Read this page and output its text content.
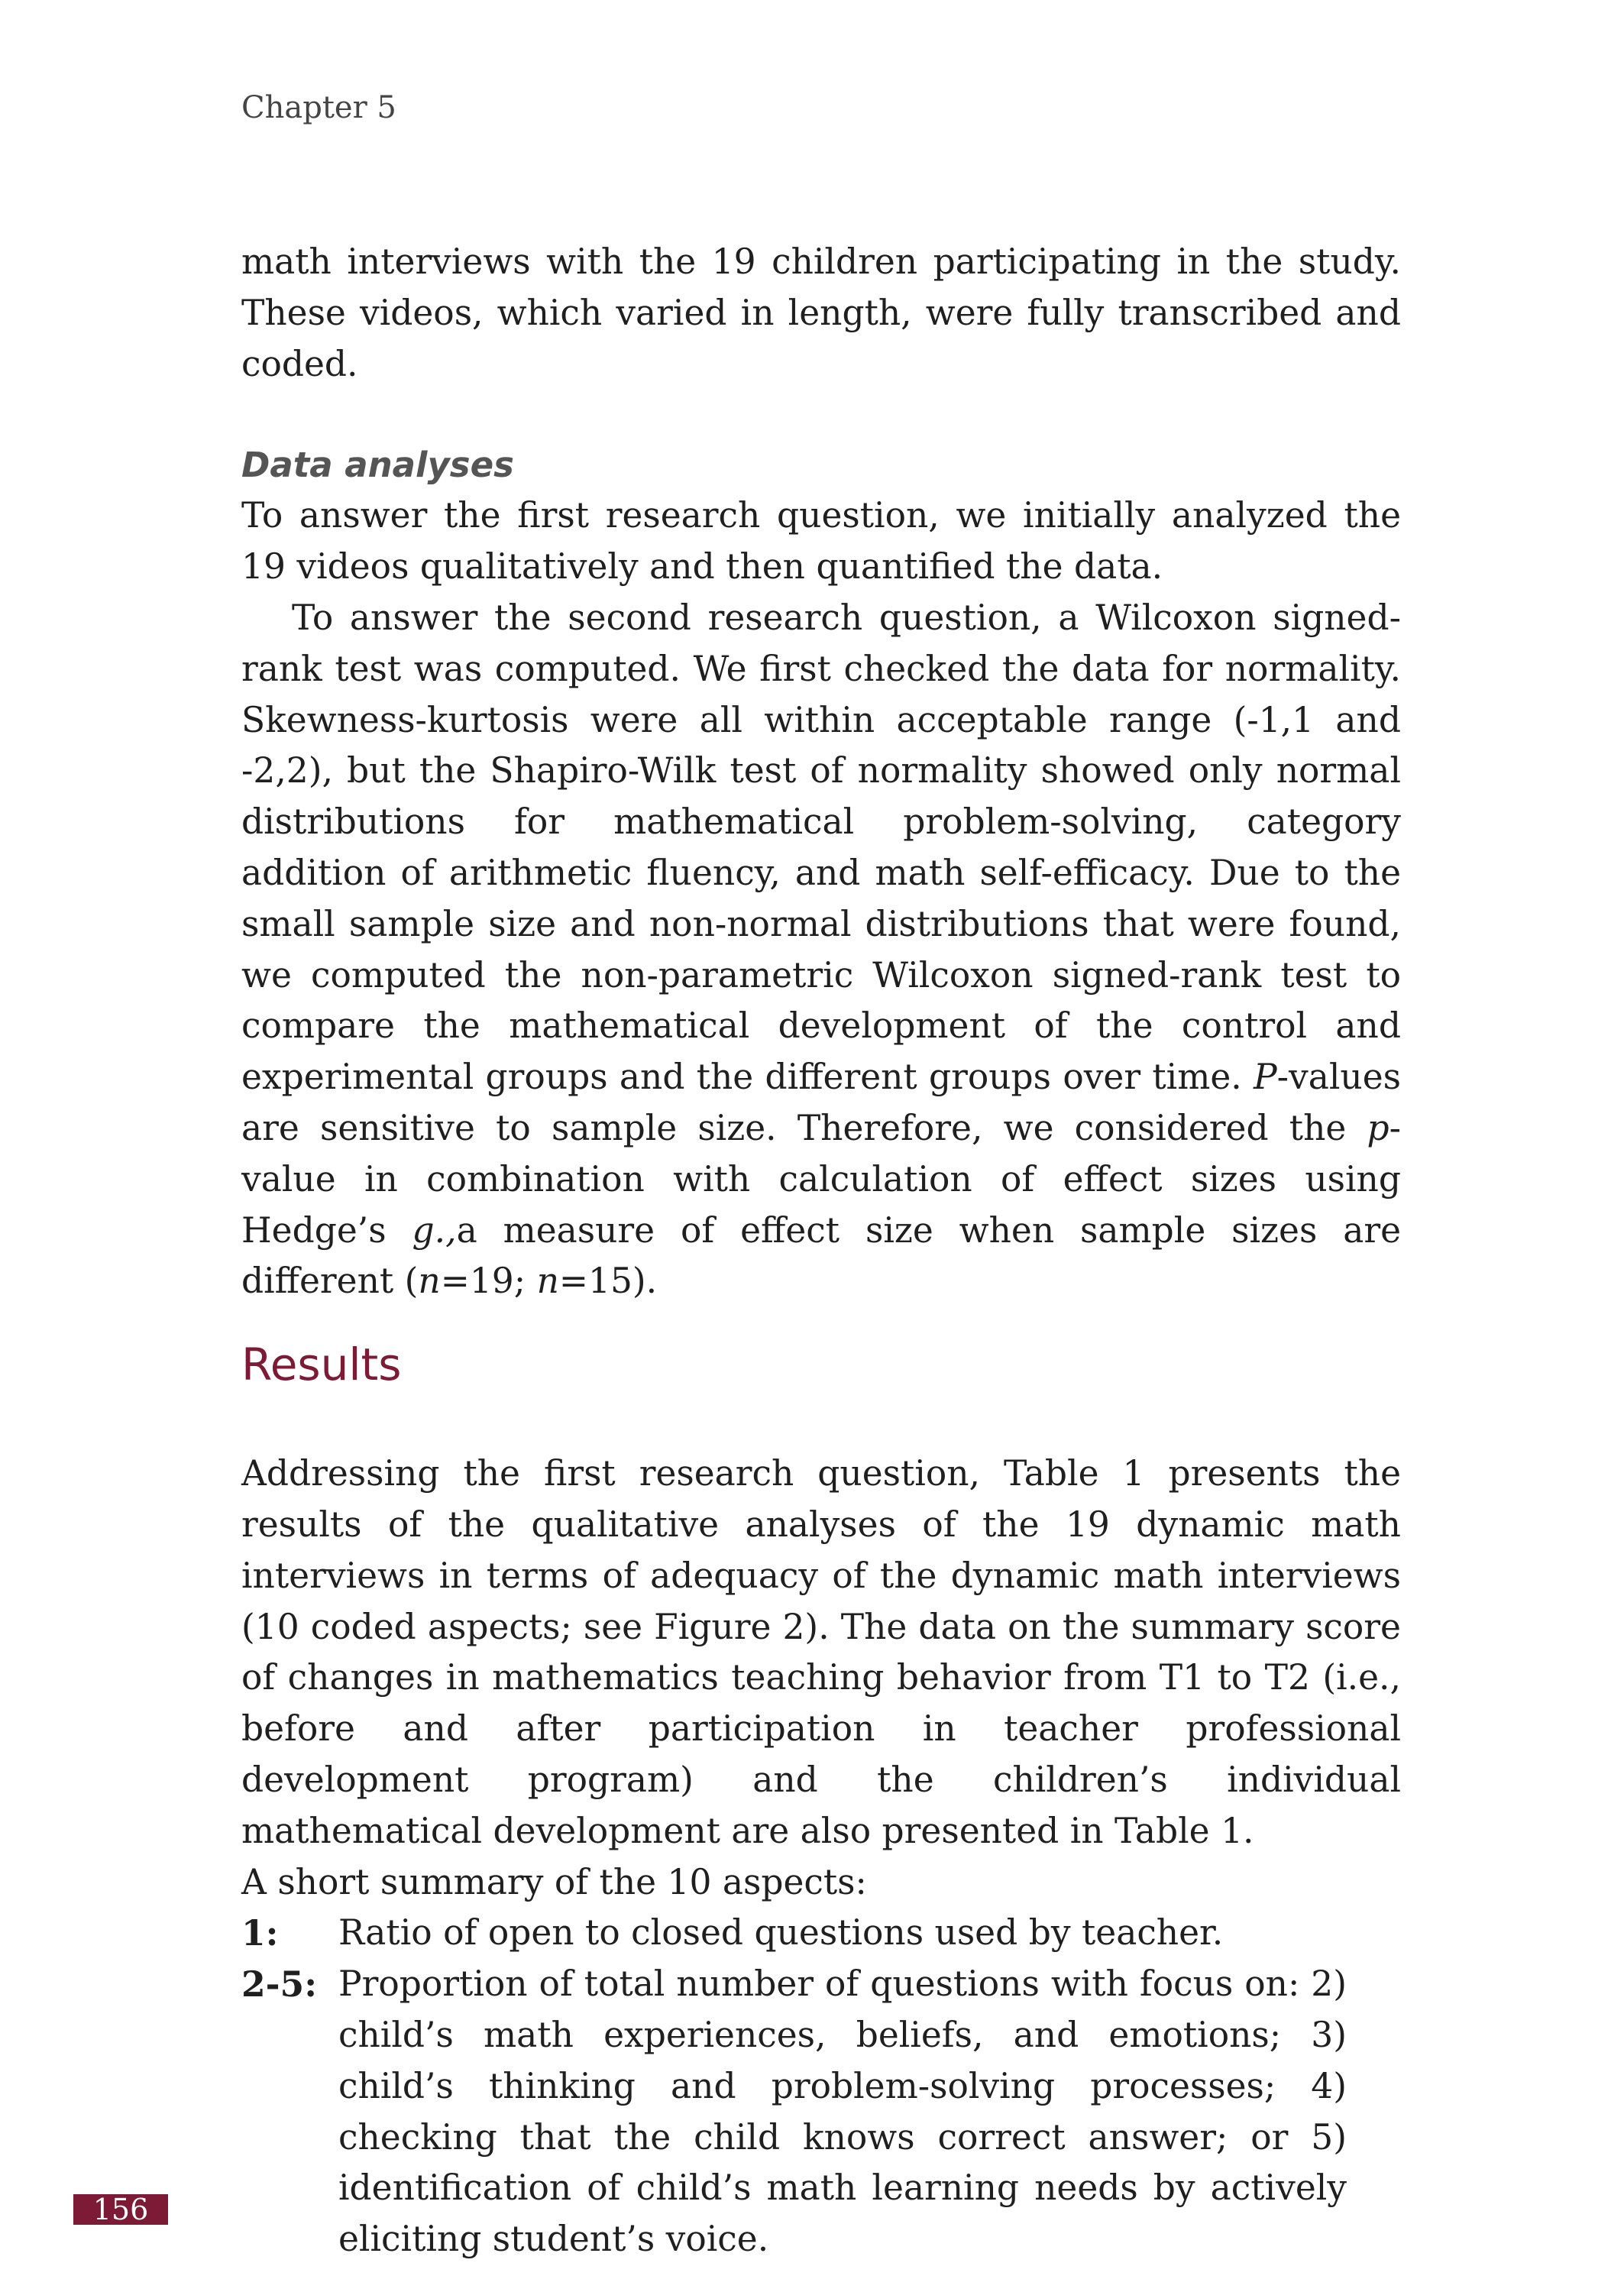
Chapter 5

math interviews with the 19 children participating in the study. These videos, which varied in length, were fully transcribed and coded.

Data analyses

To answer the first research question, we initially analyzed the 19 videos qualitatively and then quantified the data.

To answer the second research question, a Wilcoxon signed-rank test was computed. We first checked the data for normality. Skewness-kurtosis were all within acceptable range (-1,1 and -2,2), but the Shapiro-Wilk test of normality showed only normal distributions for mathematical problem-solving, category addition of arithmetic fluency, and math self-efficacy. Due to the small sample size and non-normal distributions that were found, we computed the non-parametric Wilcoxon signed-rank test to compare the mathematical development of the control and experimental groups and the different groups over time. P-values are sensitive to sample size. Therefore, we considered the p-value in combination with calculation of effect sizes using Hedge’s g.,a measure of effect size when sample sizes are different (n=19; n=15).

Results

Addressing the first research question, Table 1 presents the results of the qualitative analyses of the 19 dynamic math interviews in terms of adequacy of the dynamic math interviews (10 coded aspects; see Figure 2). The data on the summary score of changes in mathematics teaching behavior from T1 to T2 (i.e., before and after participation in teacher professional development program) and the children’s individual mathematical development are also presented in Table 1.

A short summary of the 10 aspects:

1:	Ratio of open to closed questions used by teacher.
2-5: Proportion of total number of questions with focus on: 2) child’s math experiences, beliefs, and emotions; 3) child’s thinking and problem-solving processes; 4) checking that the child knows correct answer; or 5) identification of child’s math learning needs by actively eliciting student’s voice.
156
